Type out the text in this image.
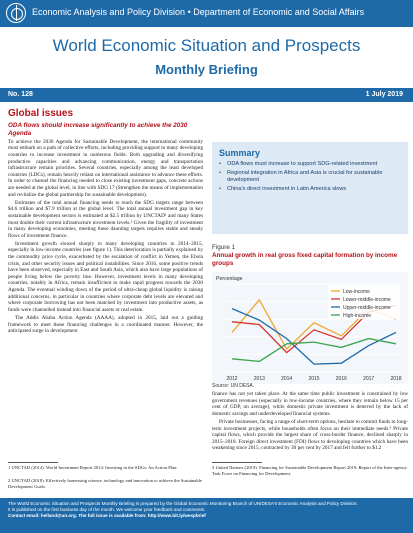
Economic Analysis and Policy Division • Department of Economic and Social Affairs
World Economic Situation and Prospects
Monthly Briefing
No. 128	1 July 2019
Global issues
ODA flows should increase significantly to achieve the 2030 Agenda

To achieve the 2030 Agenda for Sustainable Development, the international community must embark on a path of collective efforts, including providing support to many developing countries to increase investment in numerous fields. Both upgrading and diversifying productive capacities and advancing communication, energy and transportation infrastructure remain priorities. Several countries, especially among the least developed countries (LDCs), remain heavily reliant on international assistance to advance these efforts. In order to channel the financing needed to close existing investment gaps, concrete actions are needed at the global level, in line with SDG 17 (Strengthen the means of implementation and revitalize the global partnership for sustainable development).

Estimates of the total annual financing needs to reach the SDG targets range between $4.6 trillion and $7.9 trillion at the global level. The total annual investment gap in key sustainable development sectors is estimated at $2.5 trillion by UNCTAD¹ and many States must double their current infrastructure investment levels.² Given the fragility of investment in many developing economies, meeting these daunting targets requires stable and steady flows of investment finance.

Investment growth slowed sharply in many developing countries in 2014–2015, especially in low-income countries (see figure 1). This deterioration is partially explained by the commodity price cycle, exacerbated by the escalation of conflict in Yemen, the Ebola crisis, and other security issues and political instabilities. Since 2016, some positive trends have been observed, especially in East and South Asia, which also have large populations of people living below the poverty line. However, investment levels in many developing countries, notably in Africa, remain insufficient to make rapid progress towards the 2030 Agenda. The eventual winding down of the period of ultra-cheap global liquidity is raising additional concerns, in particular in countries where corporate debt levels are elevated and where corporate borrowing has not been matched by investment into productive assets, as funds were channelled instead into financial assets or real estate.

The Addis Ababa Action Agenda (AAAA), adopted in 2015, laid out a guiding framework to meet these financing challenges in a coordinated manner. However, the anticipated surge in development

Summary
• ODA flows must increase to support SDG-related investment
• Regional integration in Africa and Asia is crucial for sustainable development
• China's direct investment in Latin America slows
Figure 1
Annual growth in real gross fixed capital formation by income groups
Percentage
2012	2013	2014	2015	2016	2017	2018
Low-income
Lower-middle-income
Upper-middle-income
High-income
Source: UN DESA.

finance has not yet taken place. At the same time public investment is constrained by low government revenues (especially in low-income countries, where they remain below 15 per cent of GDP, on average), while domestic private investment is deterred by the lack of domestic savings and underdeveloped financial systems.

Private businesses, facing a range of short-term options, hesitate to commit funds to long-term investment projects, while households often focus on their immediate needs.³ Private capital flows, which provide the largest share of cross-border finance, declined sharply in 2015–2018. Foreign direct investment (FDI) flows to developing countries which have been weakening since 2015, contracted by 30 per cent by 2017 and fell further to $1.2

1 UNCTAD (2014). World Investment Report 2014: Investing in the SDGs: An Action Plan.
2 UNCTAD (2018). Effectively harnessing science, technology and innovation to achieve the Sustainable Development Goals.
3 United Nations (2019). Financing for Sustainable Development Report 2019, Report of the Inter-agency Task Force on Financing for Development.
The World Economic Situation and Prospects Monthly Briefing is prepared by the Global Economic Monitoring Branch of UN/DESA's Economic Analysis and Policy Division.
It is published on the first business day of the month. We welcome your feedback and comments.
Contact email: helland@un.org. The full issue is available from: http://www.bit.ly/wespbrief
